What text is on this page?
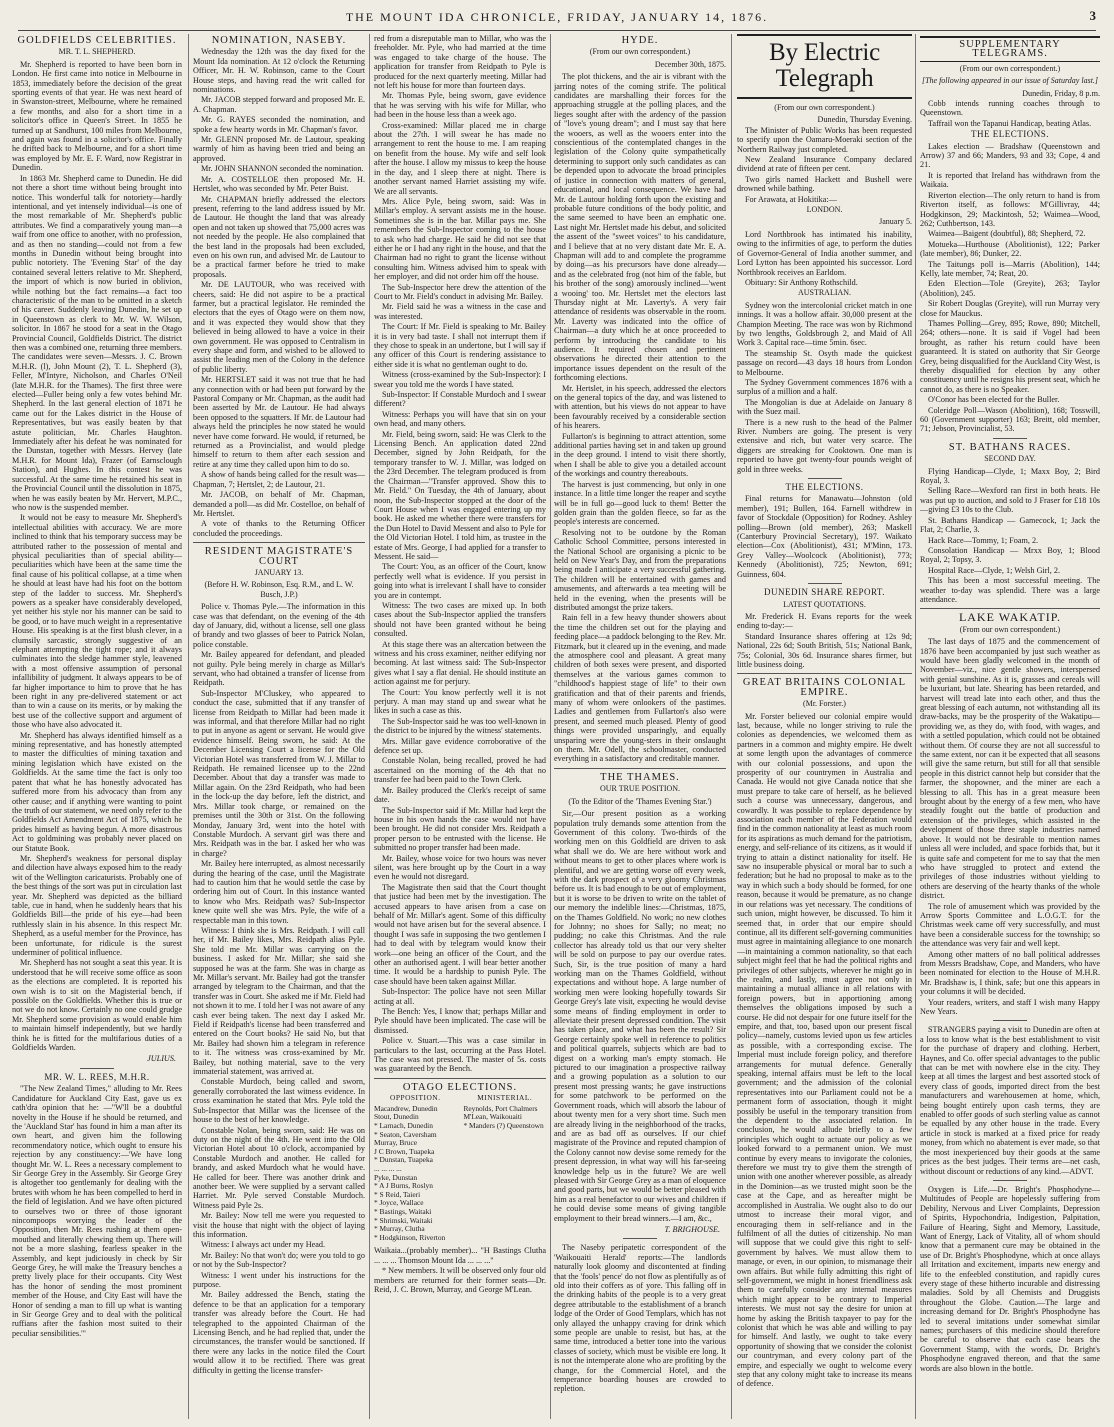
THE MOUNT IDA CHRONICLE, FRIDAY, JANUARY 14, 1876.	3
GOLDFIELDS CELEBRITIES.
MR. T. L. SHEPHERD.

Mr. Shepherd is reported to have been born in London. He first came into notice in Melbourne in 1853, immediately before the decision of the great sporting events of that year. He was next heard of in Swanston-street, Melbourne, where he remained a few months, and also for a short time in a solicitor's office in Queen's Street. In 1855 he turned up at Sandhurst, 100 miles from Melbourne, and again was found in a solicitor's office. Finally he drifted back to Melbourne, and for a short time was employed by Mr. E. F. Ward, now Registrar in Dunedin.

In 1863 Mr. Shepherd came to Dunedin. He did not there a short time without being brought into notice. This wonderful talk for notoriety—hardly intentional, and yet intensely individual—is one of the most remarkable of Mr. Shepherd's public attributes. We find a comparatively young man—a waif from one office to another, with no profession, and as then no standing—could not from a few months in Dunedin without being brought into public notoriety. The 'Evening Star' of the day contained several letters relative to Mr. Shepherd, the import of which is now buried in oblivion, while nothing but the fact remains—a fact too characteristic of the man to be omitted in a sketch of his career. Suddenly leaving Dunedin, he set up in Queenstown as clerk to Mr. W. W. Wilson, solicitor. In 1867 he stood for a seat in the Otago Provincial Council, Goldfields District. The district then was a combined one, returning three members. The candidates were seven—Messrs. J. C. Brown M.H.R. (l), John Mount (2), T. L. Shepherd (3), Feller, M'Intyre, Nicholson, and Charles O'Neil (late M.H.R. for the Thames). The first three were elected—Fuller being only a few votes behind Mr. Shepherd. In the last general election of 1871 he came out for the Lakes district in the House of Representatives, but was easily beaten by that astute politician, Mr. Charles Haughton. Immediately after his defeat he was nominated for the Dunstan, together with Messrs. Hervey (late M.H.R. for Mount Ida), Frazer (of Earnsclough Station), and Hughes. In this contest he was successful. At the same time he retained his seat in the Provincial Council until the dissolution in 1875, when he was easily beaten by Mr. Hervert, M.P.C., who now is the suspended member.

It would not be easy to measure Mr. Shepherd's intellectual abilities with accuracy. We are more inclined to think that his temporary success may be attributed rather to the possession of mental and physical peculiarities than of special ability—peculiarities which have been at the same time the final cause of his political collapse, at a time when he should at least have had his foot on the bottom step of the ladder to success. Mr. Shepherd's powers as a speaker have considerably developed, yet neither his style nor his manner can be said to be good, or to have much weight in a representative House. His speaking is at the first blush clever, in a clumsily sarcastic, strongly suggestive of an elephant attempting the tight rope; and it always culminates into the sledge hammer style, leavened with a most offensive assumption of personal infallibility of judgment. It always appears to be of far higher importance to him to prove that he has been right in any pre-delivered statement or act than to win a cause on its merits, or by making the best use of the collective support and argument of those who have also advocated it.

Mr. Shepherd has always identified himself as a mining representative, and has honestly attempted to master the difficulties of mining taxation and mining legislation which have existed on the Goldfields. At the same time the fact is only too patent that what he has honestly advocated has suffered more from his advocacy than from any other cause; and if anything were wanting to point the truth of our statement, we need only refer to the Goldfields Act Amendment Act of 1875, which he prides himself as having begun. A more disastrous Act to goldmining was probably never placed on our Statute Book.

Mr. Shepherd's weakness for personal display and dilection have always exposed him to the ready wit of the Wellington caricaturists. Probably one of the best things of the sort was put in circulation last year. Mr. Shepherd was depicted as the billiard table, cue in hand, when he suddenly hears that his Goldfields Bill—the pride of his eye—had been ruthlessly slain in his absence. In this respect Mr. Shepherd, as a useful member for the Province, has been unfortunate, for ridicule is the surest underminer of political influence.

Mr. Shepherd has not sought a seat this year. It is understood that he will receive some office as soon as the elections are completed. It is reported his own wish is to sit on the Magisterial bench, if possible on the Goldfields. Whether this is true or not we do not know. Certainly no one could grudge Mr. Shepherd some provision as would enable him to maintain himself independently, but we hardly think he is fitted for the multifarious duties of a Goldfields Warden.

JULIUS.
MR. W. L. REES, M.H.R.

"The New Zealand Times," alluding to Mr. Rees Candidature for Auckland City East, gave us ex cath'dra opinion that he: —"W'll be a doubtful novelty in the House if he should be returned, and the 'Auckland Star' has found in him a man after its own heart, and given him the following recommendatory notice, which ought to ensure his rejection by any constituency:—'We have long thought Mr. W. L. Rees a necessary complement to Sir George Grey in the Assembly. Sir George Grey is altogether too gentlemanly for dealing with the brutes with whom he has been compelled to herd in the field of legislation. And we have often pictured to ourselves two or three of those ignorant nincompoops worrying the leader of the Opposition, then Mr. Rees rushing at them open-mouthed and literally chewing them up. There will not be a more slashing, fearless speaker in the Assembly, and kept judiciously in check by Sir George Grey, he will make the Treasury benches a pretty lively place for their occupants. City West has the honor of sending the most prominent member of the House, and City East will have the Honor of sending a man to fill up what is wanting in Sir George Grey and to deal with the political ruffians after the fashion most suited to their peculiar sensibilities.'"

NOMINATION, NASEBY.

Wednesday the 12th was the day fixed for the Mount Ida nomination. At 12 o'clock the Returning Officer, Mr. H. W. Robinson, came to the Court House steps, and having read the writ called for nominations.

Mr. JACOB stepped forward and proposed Mr. E. A. Chapman.

Mr. G. RAYES seconded the nomination, and spoke a few hearty words in Mr. Chapman's favor.

Mr. GLENN proposed Mr. de Lautour, speaking warmly of him as having been tried and being an approved.

Mr. JOHN SHANNON seconded the nomination.

Mr. A. COSTELLOE then proposed Mr. H. Hertslet, who was seconded by Mr. Peter Buist.

Mr. CHAPMAN briefly addressed the electors present, referring to the land address issued by Mr. de Lautour. He thought the land that was already open and not taken up showed that 75,000 acres was not needed by the people. He also complained that the best land in the proposals had been excluded, even on his own run, and advised Mr. de Lautour to be a practical farmer before he tried to make proposals.

Mr. DE LAUTOUR, who was received with cheers, said: He did not aspire to be a practical farmer, but a practical legislator. He reminded the electors that the eyes of Otago were on them now, and it was expected they would show that they believed in being allowed to have a voice in their own government. He was opposed to Centralism in every shape and form, and wished to be allowed to assist the leading men of the Colony in the defence of public liberty.

Mr. HERTSLET said it was not true that he had any connection with or had been put forward by the Pastoral Company or Mr. Chapman, as the audit had been asserted by Mr. de Lautour. He had always been opposed to the squatters. If Mr. de Lautour had always held the principles he now stated he would never have come forward. He would, if returned, be returned as a Provincialist, and would pledge himself to return to them after each session and retire at any time they called upon him to do so.

A show of hands being called for the result was—Chapman, 7; Hertslet, 2; de Lautour, 21.

Mr. JACOB, on behalf of Mr. Chapman, demanded a poll—as did Mr. Costelloe, on behalf of Mr. Hertslet.

A vote of thanks to the Returning Officer concluded the proceedings.

RESIDENT MAGISTRATE'S COURT
JANUARY 13.
(Before H. W. Robinson, Esq. R.M., and L. W. Busch, J.P.)

Police v. Thomas Pyle.—The information in this case was that defendant, on the evening of the 4th day of January, did, without a license, sell one glass of brandy and two glasses of beer to Patrick Nolan, police constable.

Mr. Bailey appeared for defendant, and pleaded not guilty. Pyle being merely in charge as Millar's servant, who had obtained a transfer of license from Reidpath.

Sub-Inspector M'Cluskey, who appeared to conduct the case, submitted that if any transfer of license from Reidpath to Millar had been made it was informal, and that therefore Millar had no right to put in anyone as agent or servant. He would give evidence himself. Being sworn, he said: At the December Licensing Court a license for the Old Victorian Hotel was transferred from W. J. Millar to Reidpath. He remained licensee up to the 22nd December. About that day a transfer was made to Millar again. On the 23rd Reidpath, who had been in the lock-up the day before, left the district, and Mrs. Millar took charge, or remained on the premises until the 30th or 31st. On the following Monday, January 3rd, went into the hotel with Constable Murdoch. A servant girl was there and Mrs. Reidpath was in the bar. I asked her who was in charge?

Mr. Bailey here interrupted, as almost necessarily during the hearing of the case, until the Magistrate had to caution him that he would settle the case by ordering him out of Court. In this instance wanted to know who Mrs. Reidpath was? Sub-Inspector knew quite well she was Mrs. Pyle, the wife of a respectable man in this town.

Witness: I think she is Mrs. Reidpath. I will call her, if Mr. Bailey likes, Mrs. Reidpath alias Pyle. She told me Mr. Millar was carrying on the business. I asked for Mr. Millar; she said she supposed he was at the farm. She was in charge as Mr. Millar's servant. Mr. Bailey had got the transfer arranged by telegram to the Chairman, and that the transfer was in Court. She asked me if Mr. Field had not shown it to me. I told her I was not aware of any cash ever being taken. The next day I asked Mr. Field if Reidpath's license had been transferred and entered on the Court books? He said No, but that Mr. Bailey had shown him a telegram in reference to it. The witness was cross-examined by Mr. Bailey, but nothing material, save to the very immaterial statement, was arrived at.

Constable Murdoch, being called and sworn, generally corroborated the last witness evidence. In cross examination he stated that Mrs. Pyle told the Sub-Inspector that Millar was the licensee of the house to the best of her knowledge.

Constable Nolan, being sworn, said: He was on duty on the night of the 4th. He went into the Old Victorian Hotel about 10 o'clock, accompanied by Constable Murdoch and another. He called for brandy, and asked Murdoch what he would have. He called for beer. There was another drink and another beer. We were supplied by a servant called Harriet. Mr. Pyle served Constable Murdoch. Witness paid Pyle 2s.

Mr. Bailey: Now tell me were you requested to visit the house that night with the object of laying this information.

Witness: I always act under my Head.

Mr. Bailey: No that won't do; were you told to go or not by the Sub-Inspector?

Witness: I went under his instructions for the purpose.

Mr. Bailey addressed the Bench, stating the defence to be that an application for a temporary transfer was already before the Court. He had telegraphed to the appointed Chairman of the Licensing Bench, and he had replied that, under the circumstances, the transfer would be sanctioned. If there were any lacks in the notice filed the Court would allow it to be rectified. There was great difficulty in getting the license transfer-

red from a disreputable man to Millar, who was the freeholder. Mr. Pyle, who had married at the time was engaged to take charge of the house. The application for transfer from Reidpath to Pyle is produced for the next quarterly meeting. Millar had not left his house for more than fourteen days.

Mr. Thomas Pyle, being sworn, gave evidence that he was serving with his wife for Millar, who had been in the house less than a week ago.

Cross-examined: Millar placed me in charge about the 27th. I will swear he has made no arrangement to rent the house to me. I am reaping on benefit from the house. My wife and self look after the house. I allow my missus to keep the house in the day, and I sleep there at night. There is another servant named Harriet assisting my wife. We are all servants.

Mrs. Alice Pyle, being sworn, said: Was in Millar's employ. A servant assists me in the house. Sometimes she is in the bar. Millar pays me. She remembers the Sub-Inspector coming to the house to ask who had charge. He said he did not see that either he or I had any right in the house, and that the Chairman had no right to grant the license without consulting him. Witness advised him to speak with her employer, and did not order him off the house.

The Sub-Inspector here drew the attention of the Court to Mr. Field's conduct in advising Mr. Bailey.

Mr. Field said he was a witness in the case and was interested.

The Court: If Mr. Field is speaking to Mr. Bailey it is in very bad taste. I shall not interrupt them if they chose to speak in an undertone, but I will say if any officer of this Court is rendering assistance to either side it is what no gentleman ought to do.

Witness (cross-examined by the Sub-Inspector): I swear you told me the words I have stated.

Sub-Inspector: If Constable Murdoch and I swear different?

Witness: Perhaps you will have that sin on your own head, and many others.

Mr. Field, being sworn, said: He was Clerk to the Licensing Bench. An application dated 22nd December, signed by John Reidpath, for the temporary transfer to W. J. Millar, was lodged on the 23rd December. The telegram produced is from the Chairman—"Transfer approved. Show this to Mr. Field." On Tuesday, the 4th of January, about noon, the Sub-Inspector stopped at the door of the Court House when I was engaged entering up my book. He asked me whether there were transfers for the Dun Hotel to David Messent and also to Pyle for the Old Victorian Hotel. I told him, as trustee in the estate of Mrs. George, I had applied for a transfer to Messent. He said—

The Court: You, as an officer of the Court, know perfectly well what is evidence. If you persist in going into what is irrelevant I shall have to consider you are in contempt.

Witness: The two cases are mixed up. In both cases about the Sub-Inspector applied the transfers should not have been granted without he being consulted.

At this stage there was an altercation between the witness and his cross examiner, neither edifying nor becoming. At last witness said: The Sub-Inspector gives what I say a flat denial. He should institute an action against me for perjury.

The Court: You know perfectly well it is not perjury. A man may stand up and swear what he likes in such a case as this.

The Sub-Inspector said he was too well-known in the district to be injured by the witness' statements.

Mrs. Millar gave evidence corroborative of the defence set up.

Constable Nolan, being recalled, proved he had ascertained on the morning of the 4th that no transfer fee had been paid to the Town Clerk.

Mr. Bailey produced the Clerk's receipt of same date.

The Sub-Inspector said if Mr. Millar had kept the house in his own hands the case would not have been brought. He did not consider Mrs. Reidpath a proper person to be entrusted with the license. He submitted no proper transfer had been made.

Mr. Bailey, whose voice for two hours was never silent, was here brought up by the Court in a way even he would not disregard.

The Magistrate then said that the Court thought that justice had been met by the investigation. The accused appears to have arisen from a case on behalf of Mr. Millar's agent. Some of this difficulty would not have arisen but for the several absence. I thought I was safe in supposing the two gentlemen I had to deal with by telegram would know their work—one being an officer of the Court, and the other an authorised agent. I will bear better another time. It would be a hardship to punish Pyle. The case should have been taken against Millar.

Sub-Inspector: The police have not seen Millar acting at all.

The Bench: Yes, I know that; perhaps Millar and Pyle should have been implicated. The case will be dismissed.

Police v. Stuart.—This was a case similar in particulars to the last, occurring at the Pass Hotel. The case was not pressed. The master of 5s. costs was guaranteed by the Bench.

OTAGO ELECTIONS.
OPPOSITION.
Macandrew, Dunedin
Stout, Dunedin
* Larnach, Dunedin
* Seaton, Caversham
Murray, Bruce
J C Brown, Tuapeka
* Dunstan, Tuapeka
... ... ... ...
Pyke, Dunstan
* A J Burns, Roslyn
* S Reid, Taieri
* Joyce, Wallace
* Bastings, Waitaki
* Shrimski, Waitaki
* Murray, Clutha
* Hodgkinson, Riverton
MINISTERIAL.
Reynolds, Port Chalmers
M'Lean, Waikouaiti
* Manders (?) Queenstown

Waikaia...(probably member)... "H Bastings Clutha ... ... ... Thomson Mount Ida ... ... ..."

* New members. It will be observed only four old members are returned for their former seats—Dr. Reid, J. C. Brown, Murray, and George M'Lean.

HYDE.
(From our own correspondent.)
December 30th, 1875.

The plot thickens, and the air is vibrant with the jarring notes of the coming strife. The political candidates are marshalling their forces for the approaching struggle at the polling places, and the lieges sought after with the ardency of the passion of "love's young dream"; and I must say that here the wooers, as well as the wooers enter into the conscientious of the contemplated changes in the legislation of the Colony quite sympathetically determining to support only such candidates as can be depended upon to advocate the broad principles of justice in connection with matters of general, educational, and local consequence. We have had Mr. de Lautour holding forth upon the existing and probable future conditions of the body politic, and the same seemed to have been an emphatic one. Last night Mr. Hertslet made his debut, and solicited the assent of the "sweet voices" to his candidature, and I believe that at no very distant date Mr. E. A. Chapman will add to and complete the programme by doing—as his precursors have done already—and as the celebrated frog (not him of the fable, but his brother of the song) amorously inclined—'went a wooing' too. Mr. Hertslet met the electors last Thursday night at Mr. Laverty's. A very fair attendance of residents was observable in the room. Mr. Laverty was indicated into the office of Chairman—a duty which he at once proceeded to perform by introducing the candidate to his audience. It required chosen and pertinent observations he directed their attention to the importance issues dependent on the result of the forthcoming elections.

Mr. Hertslet, in his speech, addressed the electors on the general topics of the day, and was listened to with attention, but his views do not appear to have been favourably received by a considerable section of his hearers.

Fullarton's is beginning to attract attention, some additional parties having set in and taken up ground in the deep ground. I intend to visit there shortly, when I shall be able to give you a detailed account of the workings and country thereabouts.

The harvest is just commencing, but only in one instance. In a little time longer the reaper and scythe will be in full go—good luck to them! Better the golden grain than the golden fleece, so far as the people's interests are concerned.

Resolving not to be outdone by the Roman Catholic School Committee, persons interested in the National School are organising a picnic to be held on New Year's Day, and from the preparations being made I anticipate a very successful gathering. The children will be entertained with games and amusements, and afterwards a tea meeting will be held in the evening, when the presents will be distributed amongst the prize takers.

Rain fell in a few heavy thunder showers about the time the children set out for the playing and feeding place—a paddock belonging to the Rev. Mr. Fitzmark, but it cleared up in the evening, and made the atmosphere cool and pleasant. A great many children of both sexes were present, and disported themselves at the various games common to "childhood's happiest stage of life" to their own gratification and that of their parents and friends, many of whom were onlookers of the pastimes. Ladies and gentlemen from Fullarton's also were present, and seemed much pleased. Plenty of good things were provided unsparingly, and equally unsparing were the young-sters in their onslaught on them. Mr. Odell, the schoolmaster, conducted everything in a satisfactory and creditable manner.

THE THAMES.
OUR TRUE POSITION.
(To the Editor of the 'Thames Evening Star.')

Sir,—Our present position as a working population truly demands some attention from the Government of this colony. Two-thirds of the working men on this Goldfield are driven to ask what shall we do. We are here without work and without means to get to other places where work is plentiful, and we are getting worse off every week, with the dark prospect of a very gloomy Christmas before us. It is bad enough to be out of employment, but it is worse to be driven to write on the tablet of our memory the indelible lines:—Christmas, 1875, on the Thames Goldfield. No work; no new clothes for Johnny; no shoes for Sally; no meat; no pudding; no cake this Christmas. And the rule collector has already told us that our very shelter will be sold on purpose to pay our overdue rates. Such, Sir, is the true position of many a hard working man on the Thames Goldfield, without expectations and without hope. A large number of working men were looking hopefully towards Sir George Grey's late visit, expecting he would devise some means of finding employment in order to alleviate their present depressed condition. The visit has taken place, and what has been the result? Sir George certainly spoke well in reference to politics and political quarrels, subjects which are bad to digest on a working man's empty stomach. He pictured to our imagination a prospective railway and a growing population as a solution to our present most pressing wants; he gave instructions for some patchwork to be performed on the Government roads, which will absorb the labour of about twenty men for a very short time. Such men are already living in the neighborhood of the tracks, and are as bad off as ourselves. If our chief magistrate of the Province and reputed champion of the Colony cannot now devise some remedy for the present depression, in what way will his far-seeing knowledge help us in the future? We are well pleased with Sir George Grey as a man of eloquence and good parts, but we would be better pleased with him as a real benefactor to our wives and children if he could devise some means of giving tangible employment to their bread winners.—I am, &c.,

T. BRIGHOUSE.

The Naseby peripatetic correspondent of the 'Waikouaiti Herald' reports:—The landlords naturally look gloomy and discontented at finding that the 'fools' pence' do not flow as plentifully as of old into their coffers as of yore. This falling off in the drinking habits of the people is to a very great degree attributable to the establishment of a branch lodge of the Order of Good Templars, which has not only allayed the unhappy craving for drink which some people are unable to resist, but has, at the same time, introduced a better tone into the various classes of society, which must be visible ere long. It is not the intemperate alone who are profiting by the change, for the Commercial Hotel, and the temperance boarding houses are crowded to repletion.

By Electric Telegraph
(From our own correspondent.)

Dunedin, Thursday Evening.

The Minister of Public Works has been requested to specify upon the Oamaru-Moeraki section of the Northern Railway just completed.

New Zealand Insurance Company declared dividend at rate of fifteen per cent.

Two girls named Hackett and Bushell were drowned while bathing.

For Arawata, at Hokitika:—

LONDON.
January 5.

Lord Northbrook has intimated his inability, owing to the infirmities of age, to perform the duties of Governor-General of India another summer, and Lord Lytton has been appointed his successor. Lord Northbrook receives an Earldom.

Obituary: Sir Anthony Rothschild.

AUSTRALIAN.

Sydney won the intercolonial cricket match in one innings. It was a hollow affair. 30,000 present at the Champion Meeting. The race was won by Richmond by two lengths, Goldsbrough 2, and Maid of All Work 3. Capital race—time 5min. 6sec.

The steamship St. Osyth made the quickest passage on record—43 days 18 hours from London to Melbourne.

The Sydney Government commences 1876 with a surplus of a million and a half.

The Mongolian is due at Adelaide on January 8 with the Suez mail.

There is a new rush to the head of the Palmer River. Numbers are going. The present is very extensive and rich, but water very scarce. The diggers are streaking for Cooktown. One man is reported to have got twenty-four pounds weight of gold in three weeks.

THE ELECTIONS.

Final returns for Manawatu—Johnston (old member), 191; Bullen, 164. Farnell withdrew in favor of Stockdale (Opposition) for Rodney. Ashley polling—Brown (old member), 263; Maskell (Canterbury Provincial Secretary), 197. Waikato election—Cox (Abolitionist), 431; M'Minn, 173. Grey Valley—Woolcock (Abolitionist), 773; Kennedy (Abolitionist), 725; Newton, 691; Guinness, 604.

DUNEDIN SHARE REPORT.
LATEST QUOTATIONS.

Mr. Frederick H. Evans reports for the week ending to-day:—

Standard Insurance shares offering at 12s 9d; National, 22s 6d; South British, 51s; National Bank, 75s; Colonial, 30s 6d. Insurance shares firmer, but little business doing.

GREAT BRITAINS COLONIAL EMPIRE.
(Mr. Forster.)

Mr. Forster believed our colonial empire would last, because, while no longer striving to rule the colonies as dependencies, we welcomed them as partners in a common and mighty empire. He dwelt at some length upon the advantages of commerce with our colonial possessions, and upon the prosperity of our countrymen in Australia and Canada. He would not give Canada notice that she must prepare to take care of herself, as he believed such a course was unnecessary, dangerous, and cowardly. It was possible to replace dependence by association each member of the Federation would find in the common nationality at least as much room for its aspirations as much demand for the patriotism, energy, and self-reliance of its citizens, as it would if trying to attain a distinct nationality for itself. He saw no insuperable physical or moral bar to such a federation; but he had no proposal to make as to the way in which such a body should be formed, for one reason, because it would be premature, as no change in our relations was yet necessary. The conditions of such union, might however, be discussed. To him it seemed that, in order that our empire should continue, all its different self-governing communities must agree in maintaining allegiance to one monarch—in maintaining a common nationality, so that each subject might feel that he had the political rights and privileges of other subjects, wherever he might go in the realm, and lastly, must agree not only in maintaining a mutual alliance in all relations with foreign powers, but in apportioning among themselves the obligations imposed by such a course. He did not despair for one future itself for the empire, and that, too, based upon our present fiscal policy—namely, customs levied upon us few articles as possible, with a corresponding excise. The Imperial must include foreign policy, and therefore arrangements for mutual defence. Generally speaking, internal affairs must be left to the local government; and the admission of the colonial representatives into our Parliament could not be a permanent form of association, though it might possibly be useful in the temporary transition from the dependent to the associated relation. In conclusion, he would allude briefly to a few principles which ought to actuate our policy as we looked forward to a permanent union. We must continue by every means to invigorate the colonies, therefore we must try to give them the strength of union with one another wherever possible, as already in the Dominion—as we trusted might soon be the case at the Cape, and as hereafter might be accomplished in Australia. We ought also to do our utmost to increase their moral vigor, and encouraging them in self-reliance and in the fulfilment of all the duties of citizenship. No man will suppose that we could give this right to self-government by halves. We must allow them to manage, or even, in our opinion, to mismanage their own affairs. But while fully admitting this right of self-government, we might in honest friendliness ask them to carefully consider any internal measures which might appear to be contrary to Imperial interests. We must not say the desire for union at home by asking the British taxpayer to pay for the colonist that which he was able and willing to pay for himself. And lastly, we ought to take every opportunity of showing that we consider the colonist our countryman, and every colony part of the empire, and especially we ought to welcome every step that any colony might take to increase its means of defence.

SUPPLEMENTARY TELEGRAMS.
(From our own correspondent.)
[The following appeared in our issue of Saturday last.]

Dunedin, Friday, 8 p.m.

Cobb intends running coaches through to Queenstown.

Taffrail won the Tapanui Handicap, beating Atlas.

THE ELECTIONS.

Lakes election — Bradshaw (Queenstown and Arrow) 37 and 66; Manders, 93 and 33; Cope, 4 and 21.

It is reported that Ireland has withdrawn from the Waikaia.

Riverton election—The only return to hand is from Riverton itself, as follows: M'Gillivray, 44; Hodgkinson, 29; Mackintosh, 52; Waimea—Wood, 262; Cuthbertson, 143.

Waimea—Baigent (doubtful), 88; Shepherd, 72.

Motueka—Hurthouse (Abolitionist), 122; Parker (late member), 86; Dunker, 22.

The Taitungs poll is—Marris (Abolition), 144; Kelly, late member, 74; Reat, 20.

Eden Election—Tole (Greyite), 263; Taylor (Abolition), 245.

Sir Robert Douglas (Greyite), will run Murray very close for Mauckus.

Thames Polling—Grey, 895; Rowe, 890; Mitchell, 264; others—none. It is said if Vogel had been brought, as rather his return could have been guaranteed. It is stated on authority that Sir George Grey, being disqualified for the Auckland City West, is thereby disqualified for election by any other constituency until he resigns his present seat, which he cannot do, as there is no Speaker.

O'Conor has been elected for the Buller.

Coleridge Poll—Wason (Abolition), 168; Tosswill, 60 (Government supporter) 163; Breitt, old member, 71; Jebson, Provincialist, 53.

ST. BATHANS RACES.
SECOND DAY.

Flying Handicap—Clyde, 1; Maxx Boy, 2; Bird Royal, 3.

Selling Race—Wexford ran first in both heats. He was put up to auction, and sold to J Fraser for £18 10s—giving £3 10s to the Club.

St. Bathans Handicap — Gamecock, 1; Jack the Flat, 2; Charlie, 3.

Hack Race—Tommy, 1; Foam, 2.

Consolation Handicap — Mrxx Boy, 1; Blood Royal, 2; Topsy, 3.

Hospital Race—Clyde, 1; Welsh Girl, 2.

This has been a most successful meeting. The weather to-day was splendid. There was a large attendance.

LAKE WAKATIP.
(From our own correspondent.)

The last days of 1875 and the commencement of 1876 have been accompanied by just such weather as would have been gladly welcomed in the month of November—viz., nice gentle showers, interspersed with genial sunshine. As it is, grasses and cereals will be luxuriant, but late. Shearing has been retarded, and harvest will tread late into each other, and thus the great blessing of each autumn, not withstanding all its draw-backs, may be the prosperity of the Wakatipu—providing we, as they do, with food, with wages, and with a settled population, which could not be obtained without them. Of course they are not all successful to the same extent, nor can it be expected that all seasons will give the same return, but still for all that sensible people in this district cannot help but consider that the farmer, the shopowner, and the miner are each a blessing to all. This has in a great measure been brought about by the energy of a few men, who have steadily fought out the battle of production and extension of the privileges, which assisted in the development of those three staple industries named above. It would not be desirable to mention names unless all were included, and space forbids that, but it is quite safe and competent for me to say that the men who have struggled to protect and extend the privileges of those industries without yielding to others are deserving of the hearty thanks of the whole district.

The role of amusement which was provided by the Arrow Sports Committee and L.O.G.T. for the Christmas week came off very successfully, and must have been a considerable success for the township; so the attendance was very fair and well kept.

Among other matters of no ball political addresses from Messrs Bradshaw, Cope, and Manders, who have been nominated for election to the House of M.H.R. Mr. Bradshaw is, I think, safe; but one this appears in your columns it will be decided.

Your readers, writers, and staff I wish many Happy New Years.

STRANGERS paying a visit to Dunedin are often at a loss to know what is the best establishment to visit for the purchase of drapery and clothing. Herbert, Haynes, and Co. offer special advantages to the public that can be met with nowhere else in the city. They keep at all times the largest and best assorted stock of every class of goods, imported direct from the best manufacturers and warehousemen at home, which, being bought entirely upon cash terms, they are enabled to offer goods of such sterling value as cannot be equalled by any other house in the trade. Every article in stock is marked at a fixed price for ready money, from which no abatement is ever made, so that the most inexperienced buy their goods at the same prices as the best judges. Their terms are—net cash, without discount or reductions of any kind.—ADVT.

Oxygen is Life.—Dr. Bright's Phosphodyne—Multitudes of People are hopelessly suffering from Debility, Nervous and Liver Complaints, Depression of Spirits, Hypochondria, Indigestion, Palpitation, Failure of Hearing, Sight and Memory, Lassitude, Want of Energy, Lack of Vitality, all of whom should know that a permanent cure may be obtained in the use of Dr. Bright's Phosphodyne, which at once allays all Irritation and excitement, imparts new energy and life to the enfeebled constitution, and rapidly cures every stage of these hitherto incurable and distressing maladies. Sold by all Chemists and Druggists throughout the Globe. Caution.—The large and increasing demand for Dr. Bright's Phosphodyne has led to several imitations under somewhat similar names; purchasers of this medicine should therefore be careful to observe that each case bears the Government Stamp, with the words, Dr. Bright's Phosphodyne engraved thereon, and that the same words are also blown in the bottle.
